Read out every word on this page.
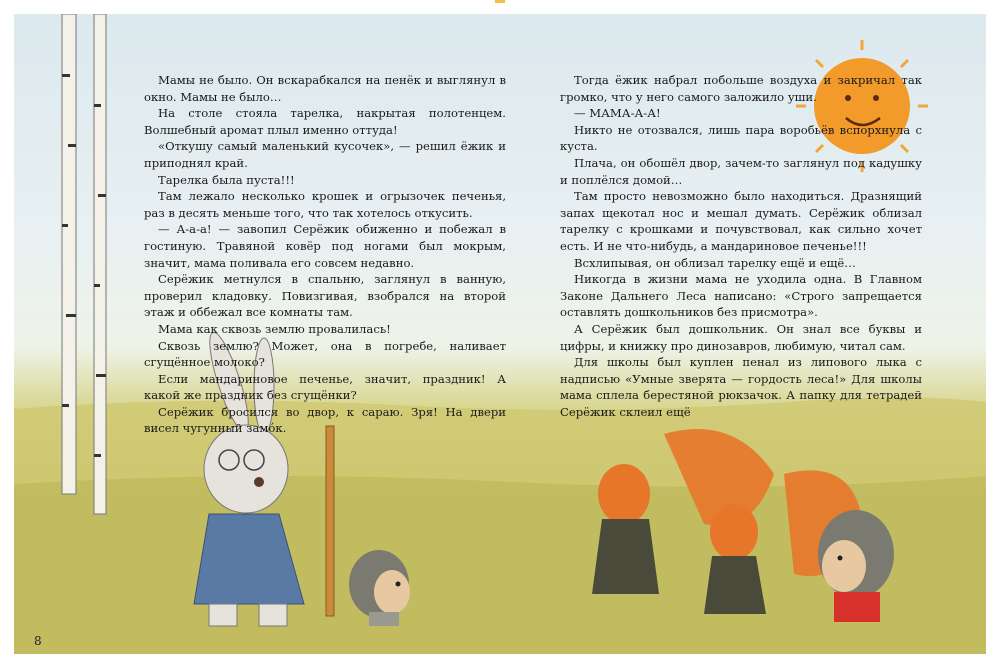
Мамы не было. Он вскарабкался на пенёк и выглянул в окно. Мамы не было…

На столе стояла тарелка, накрытая полотенцем. Волшебный аромат плыл именно оттуда!

«Откушу самый маленький кусочек», — решил ёжик и приподнял край.

Тарелка была пуста!!!

Там лежало несколько крошек и огрызочек печенья, раз в десять меньше того, что так хотелось откусить.

— А-а-а! — завопил Серёжик обиженно и побежал в гостиную. Травяной ковёр под ногами был мокрым, значит, мама поливала его совсем недавно.

Серёжик метнулся в спальню, заглянул в ванную, проверил кладовку. Повизгивая, взобрался на второй этаж и оббежал все комнаты там.

Мама как сквозь землю провалилась!

Сквозь землю? Может, она в погребе, наливает сгущённое молоко?

Если мандариновое печенье, значит, праздник! А какой же праздник без сгущёнки?

Серёжик бросился во двор, к сараю. Зря! На двери висел чугунный замóк.

Тогда ёжик набрал побольше воздуха и закричал так громко, что у него самого заложило уши.

— МАМА-А-А!

Никто не отозвался, лишь пара воробьёв вспорхнула с куста.

Плача, он обошёл двор, зачем-то заглянул под кадушку и поплёлся домой…

Там просто невозможно было находиться. Дразнящий запах щекотал нос и мешал думать. Серёжик облизал тарелку с крошками и почувствовал, как сильно хочет есть. И не что-нибудь, а мандариновое печенье!!!

Всхлипывая, он облизал тарелку ещё и ещё…

Никогда в жизни мама не уходила одна. В Главном Законе Дальнего Леса написано: «Строго запрещается оставлять дошкольников без присмотра».

А Серёжик был дошкольник. Он знал все буквы и цифры, и книжку про динозавров, любимую, читал сам.

Для школы был куплен пенал из липового лыка с надписью «Умные зверята — гордость леса!» Для школы мама сплела берестяной рюкзачок. А папку для тетрадей Серёжик склеил ещё

8
